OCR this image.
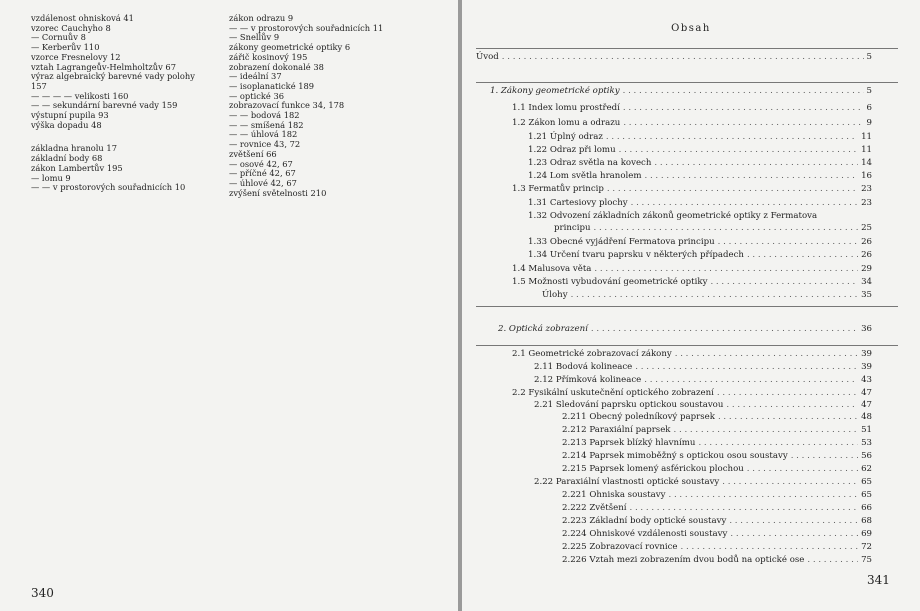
vzdálenost ohnisková 41
vzorec Cauchyho 8
— Cornuův 8
— Kerberův 110
vzorce Fresnelovy 12
vztah Lagrangeův-Helmholtzův 67
výraz algebraický barevné vady polohy
157
— — — — velikosti 160
— — sekundární barevné vady 159
výstupní pupila 93
výška dopadu 48
základna hranolu 17
základní body 68
zákon Lambertův 195
— lomu 9
— — v prostorových souřadnicích 10
zákon odrazu 9
— — v prostorových souřadnicích 11
— Snellův 9
zákony geometrické optiky 6
zářič kosinový 195
zobrazení dokonalé 38
— ideální 37
— isoplanatické 189
— optické 36
zobrazovací funkce 34, 178
— — bodová 182
— — smíšená 182
— — úhlová 182
— rovnice 43, 72
zvětšení 66
— osové 42, 67
— příčné 42, 67
— úhlové 42, 67
zvýšení světelnosti 210
340
Obsah
Úvod . . .	5
1. Zákony geometrické optiky . . .	5
1.1 Index lomu prostředí . . .	6
1.2 Zákon lomu a odrazu . . .	9
1.21 Úplný odraz . . .	11
1.22 Odraz při lomu . . .	11
1.23 Odraz světla na kovech . . .	14
1.24 Lom světla hranolem . . .	16
1.3 Fermatův princip . . .	23
1.31 Cartesiovy plochy . . .	23
1.32 Odvození základních zákonů geometrické optiky z Fermatova
principu . . .	25
1.33 Obecné vyjádření Fermatova principu . . .	26
1.34 Určení tvaru paprsku v některých případech . . .	26
1.4 Malusova věta . . .	29
1.5 Možnosti vybudování geometrické optiky . . .	34
Úlohy . . .	35
2. Optická zobrazení . . .	36
2.1 Geometrické zobrazovací zákony . . .	39
2.11 Bodová kolineace . . .	39
2.12 Přímková kolineace . . .	43
2.2 Fysikální uskutečnění optického zobrazení . . .	47
2.21 Sledování paprsku optickou soustavou . . .	47
2.211 Obecný poledníkový paprsek . . .	48
2.212 Paraxiální paprsek . . .	51
2.213 Paprsek blízký hlavnímu . . .	53
2.214 Paprsek mimoběžný s optickou osou soustavy . . .	56
2.215 Paprsek lomený asférickou plochou . . .	62
2.22 Paraxiální vlastnosti optické soustavy . . .	65
2.221 Ohniska soustavy . . .	65
2.222 Zvětšení . . .	66
2.223 Základní body optické soustavy . . .	68
2.224 Ohniskové vzdálenosti soustavy . . .	69
2.225 Zobrazovací rovnice . . .	72
2.226 Vztah mezi zobrazením dvou bodů na optické ose . . .	75
341
